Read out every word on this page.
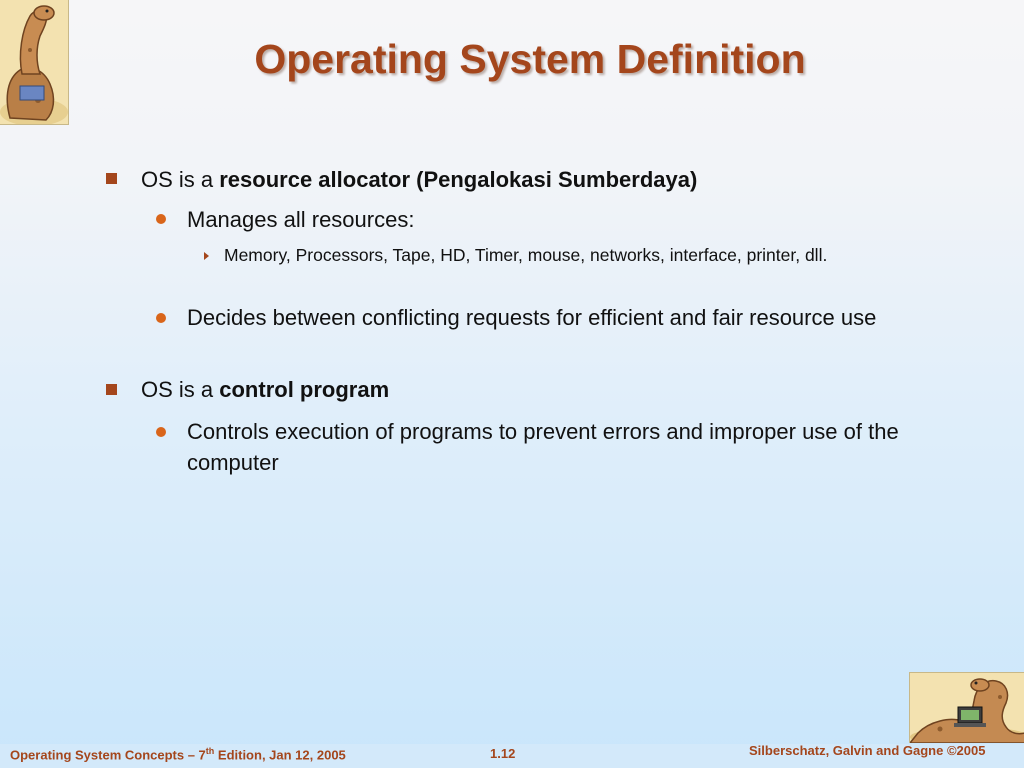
Operating System Definition
OS is a resource allocator (Pengalokasi Sumberdaya)
Manages all resources:
Memory, Processors, Tape, HD, Timer, mouse, networks, interface, printer, dll.
Decides between conflicting requests for efficient and fair resource use
OS is a control program
Controls execution of programs to prevent errors and improper use of the computer
Operating System Concepts – 7th Edition, Jan 12, 2005	1.12	Silberschatz, Galvin and Gagne ©2005
